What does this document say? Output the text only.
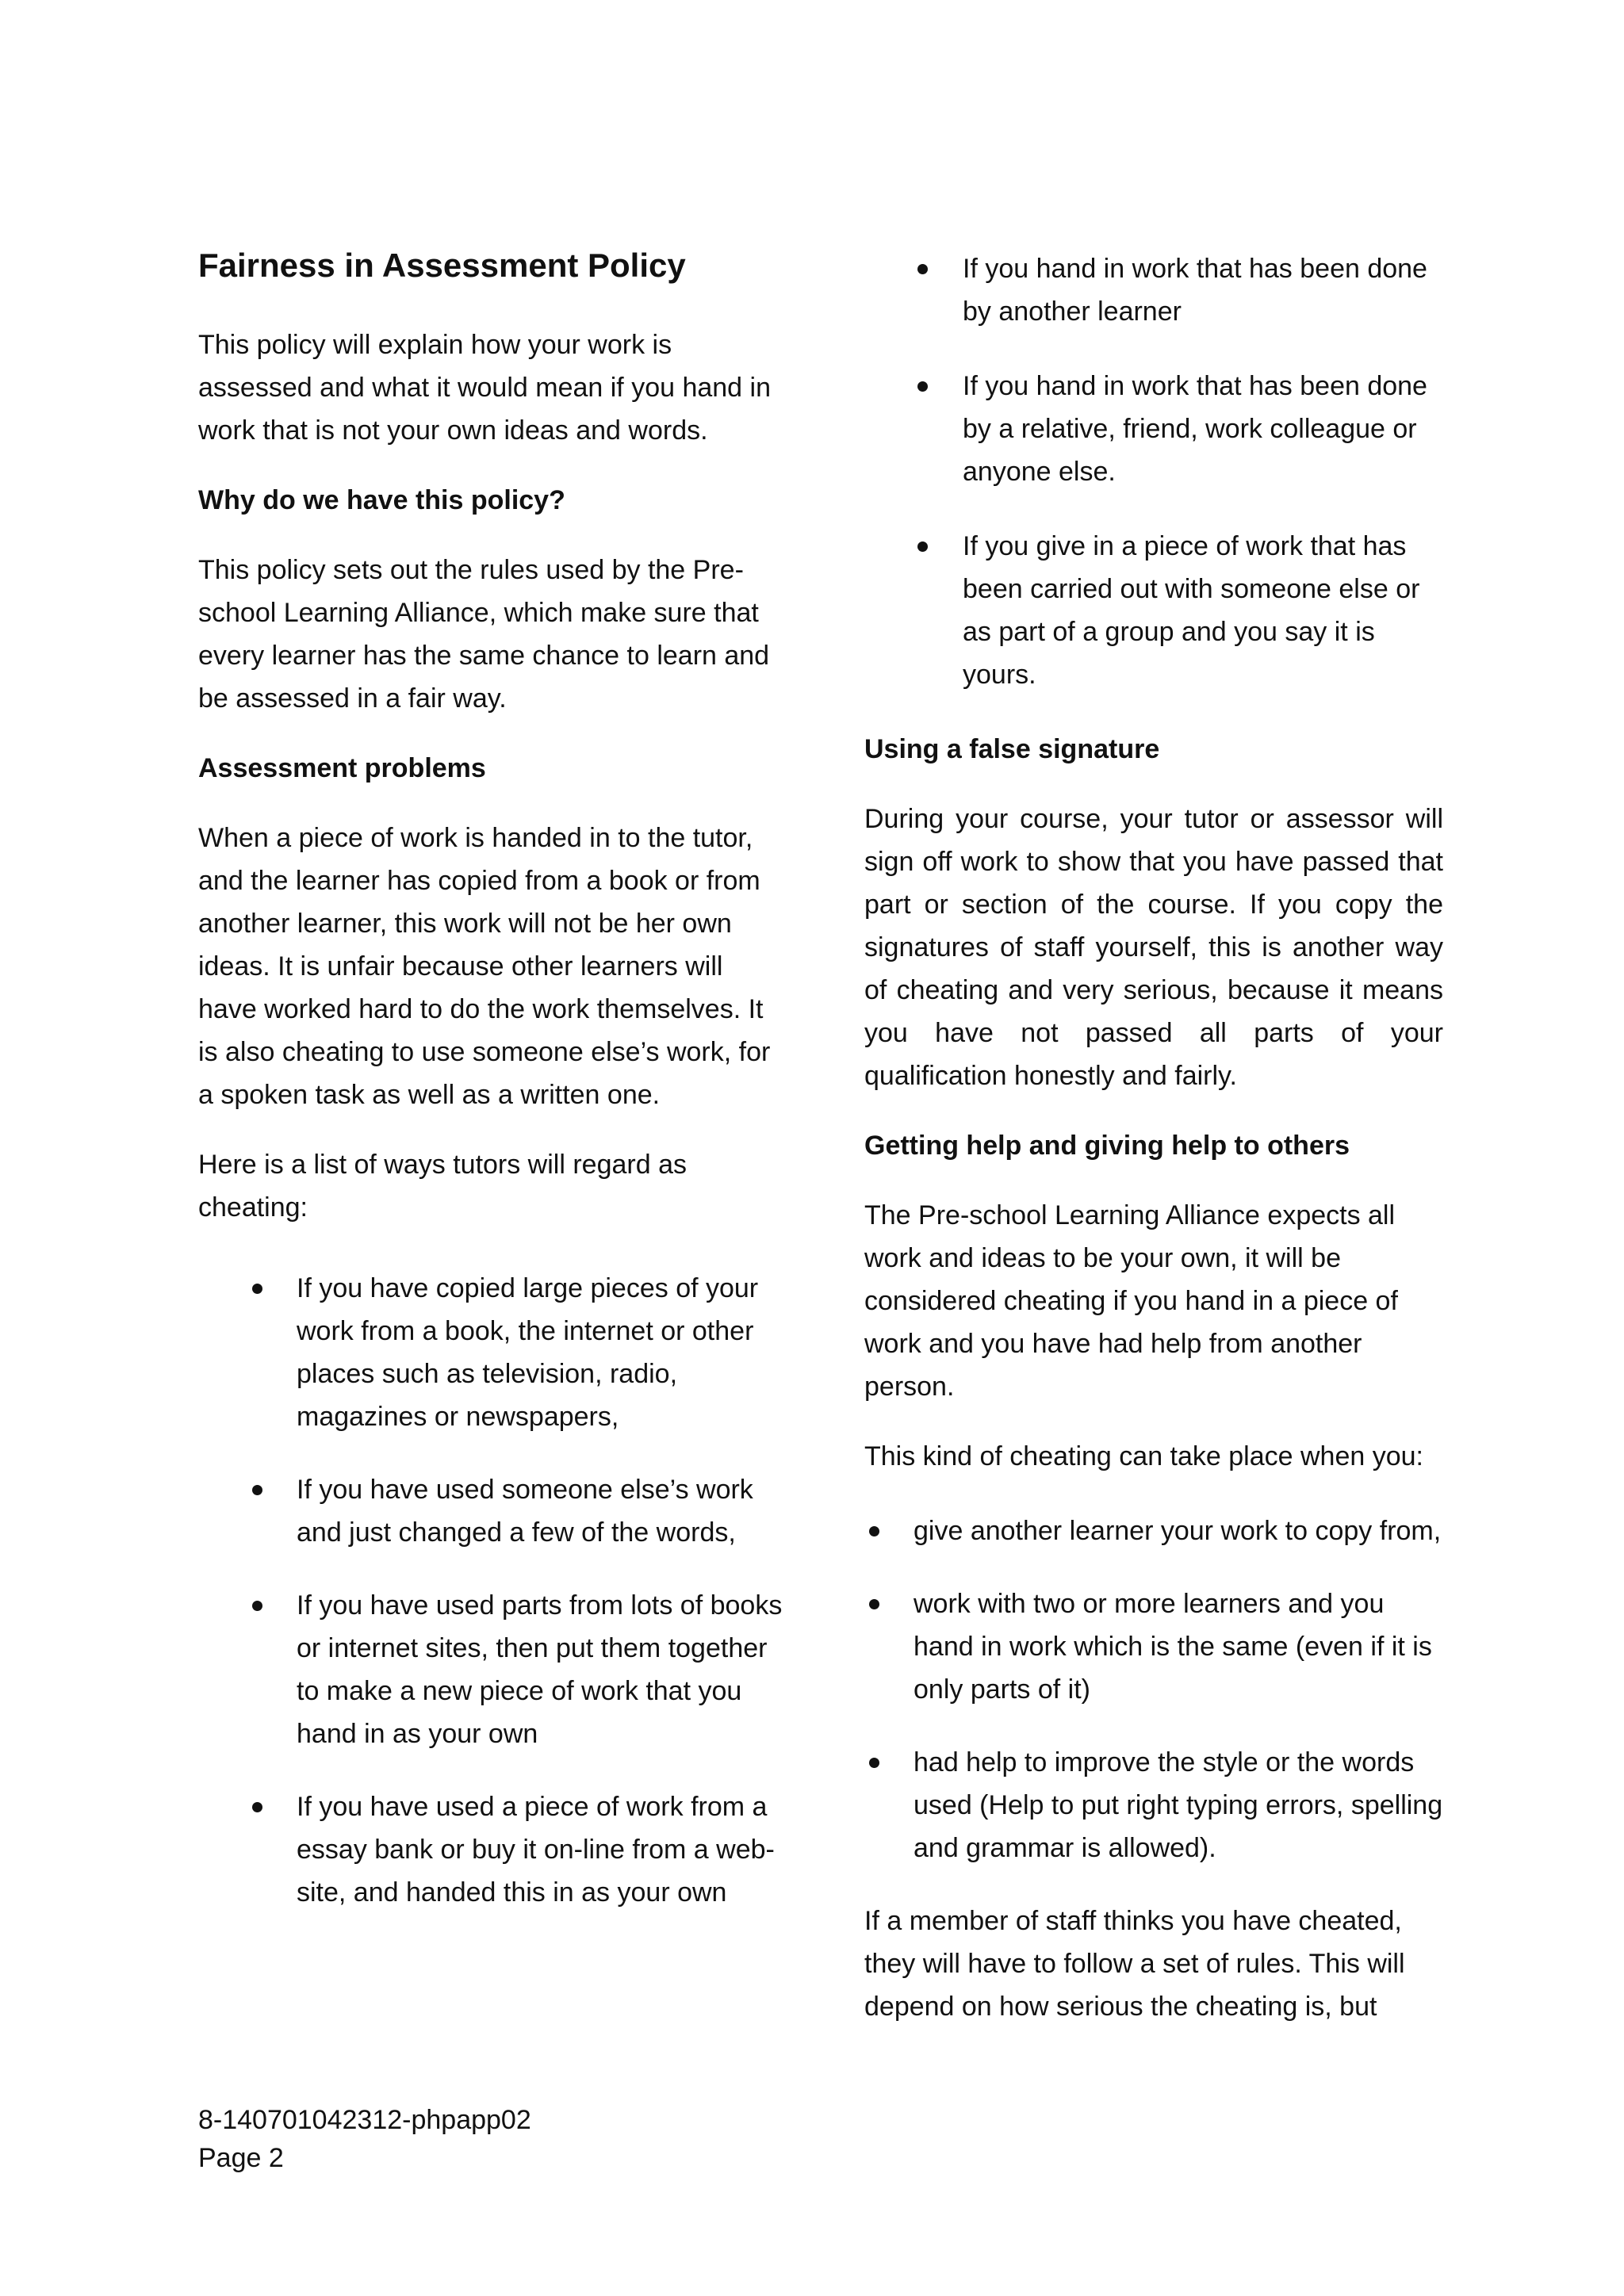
Fairness in Assessment Policy

This policy will explain how your work is assessed and what it would mean if you hand in work that is not your own ideas and words.

Why do we have this policy?

This policy sets out the rules used by the Pre-school Learning Alliance, which make sure that every learner has the same chance to learn and be assessed in a fair way.

Assessment problems

When a piece of work is handed in to the tutor, and the learner has copied from a book or from another learner, this work will not be her own ideas. It is unfair because other learners will have worked hard to do the work themselves. It is also cheating to use someone else’s work, for a spoken task as well as a written one.

Here is a list of ways tutors will regard as cheating:

If you have copied large pieces of your work from a book, the internet or other places such as television, radio, magazines or newspapers,
If you have used someone else’s work and just changed a few of the words,
If you have used parts from lots of books or internet sites, then put them together to make a new piece of work that you hand in as your own
If you have used a piece of work from a essay bank or buy it on-line from a web-site, and handed this in as your own
If you hand in work that has been done by another learner
If you hand in work that has been done by a relative, friend, work colleague or anyone else.
If you give in a piece of work that has been carried out with someone else or as part of a group and you say it is yours.

Using a false signature

During your course, your tutor or assessor will sign off work to show that you have passed that part or section of the course. If you copy the signatures of staff yourself, this is another way of cheating and very serious, because it means you have not passed all parts of your qualification honestly and fairly.

Getting help and giving help to others

The Pre-school Learning Alliance expects all work and ideas to be your own, it will be considered cheating if you hand in a piece of work and you have had help from another person.

This kind of cheating can take place when you:

give another learner your work to copy from,
work with two or more learners and you hand in work which is the same (even if it is only parts of it)
had help to improve the style or the words used (Help to put right typing errors, spelling and grammar is allowed).

If a member of staff thinks you have cheated, they will have to follow a set of rules. This will depend on how serious the cheating is, but

8-140701042312-phpapp02
Page 2
